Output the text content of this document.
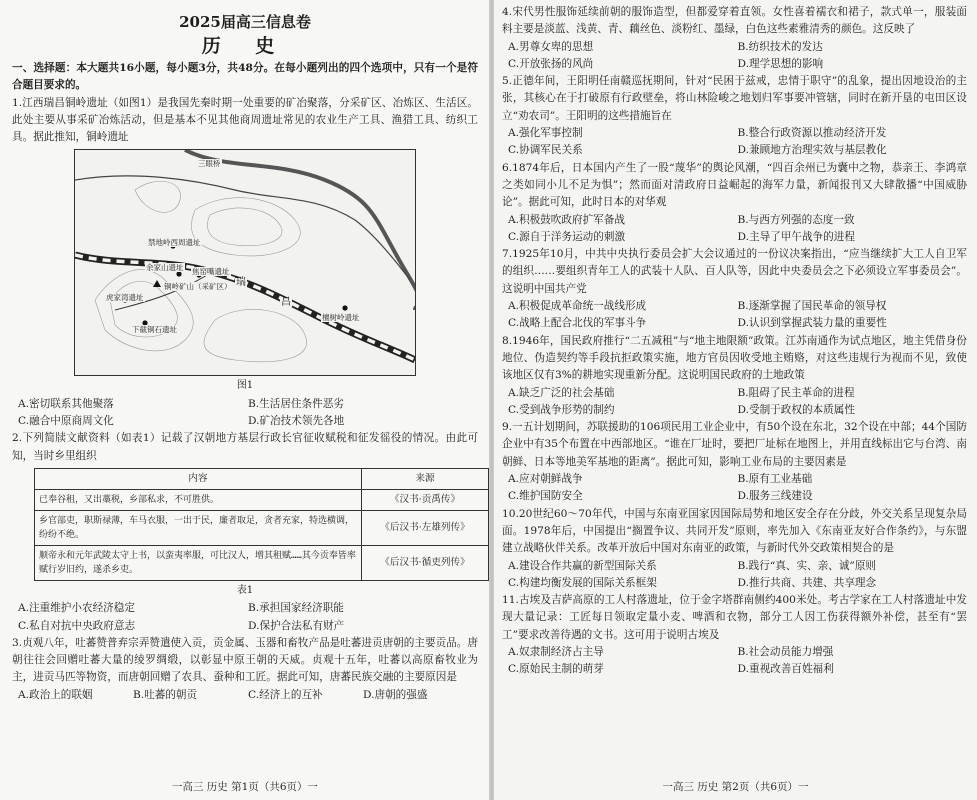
2025届高三信息卷
历 史

一、选择题：本大题共16小题，每小题3分，共48分。在每小题列出的四个选项中，只有一个是符合题目要求的。

1.江西瑞昌铜岭遗址（如图1）是我国先秦时期一处重要的矿冶聚落，分采矿区、冶炼区、生活区。此处主要从事采矿冶炼活动，但是基本不见其他商周遗址常见的农业生产工具、渔猎工具、纺织工具。据此推知，铜岭遗址

三眼桥
禁地岭西周遗址
余家山遗址 焦窑嘴遗址
铜岭矿山（采矿区） 瑞
昌
虎家湾遗址
下截铜石遗址
檀树岭遗址
图1
A.密切联系其他聚落	B.生活居住条件恶劣
C.融合中原商周文化	D.矿冶技术领先各地

2.下列简牍文献资料（如表1）记载了汉朝地方基层行政长官征收赋税和征发徭役的情况。由此可知，当时乡里组织

内容	来源
已奉谷租，又出藁税，乡部私求，不可胜供。	《汉书·贡禹传》
乡官部吏，职斯禄薄，车马衣服，一出于民，廉者取足，贪者充家，特选横调，纷纷不绝。	《后汉书·左雄列传》
顺帝永和元年武陵太守上书，以蛮夷率服，可比汉人，增其租赋……其今贡奉皆率赋行岁旧约，遂杀乡吏。	《后汉书·循吏列传》
表1
A.注重维护小农经济稳定	B.承担国家经济职能
C.私自对抗中央政府意志	D.保护合法私有财产

3.贞观八年，吐蕃赞普弃宗弄赞遣使入贡，贡金属、玉器和畜牧产品是吐蕃进贡唐朝的主要贡品。唐朝往往会回赠吐蕃大量的绫罗绸缎，以彰显中原王朝的天威。贞观十五年，吐蕃以高原畜牧业为主，进贡马匹等物资，而唐朝回赠了农具、蚕种和工匠。据此可知，唐蕃民族交融的主要原因是

A.政治上的联姻	B.吐蕃的朝贡	C.经济上的互补	D.唐朝的强盛
一高三 历史 第1页（共6页）一

4.宋代男性服饰延续前朝的服饰造型，但都爱穿着直领。女性喜着襦衣和裙子，款式单一，服装面料主要是淡蓝、浅黄、青、藕丝色、淡粉红、墨绿，白色这些素雅清秀的颜色。这反映了

A.男尊女卑的思想	B.纺织技术的发达
C.开放张扬的风尚	D.理学思想的影响

5.正德年间，王阳明任南赣巡抚期间，针对“民困于兹戒，忠情于职守”的乱象，提出因地设治的主张，其核心在于打破原有行政壁垒，将山林险峻之地划归军事要冲管辖，同时在新开垦的屯田区设立“劝农司”。王阳明的这些措施旨在

A.强化军事控制	B.整合行政资源以推动经济开发
C.协调军民关系	D.兼顾地方治理实效与基层教化

6.1874年后，日本国内产生了一股“蔑华”的舆论风潮，“四百余州已为囊中之物，恭亲王、李鸿章之类如同小儿不足为惧”；然而面对清政府日益崛起的海军力量，新闻报刊又大肆散播“中国威胁论”。据此可知，此时日本的对华观

A.积极鼓吹政府扩军备战	B.与西方列强的态度一致
C.源自于洋务运动的刺激	D.主导了甲午战争的进程

7.1925年10月，中共中央执行委员会扩大会议通过的一份议决案指出，“应当继续扩大工人自卫军的组织……要组织青年工人的武装十人队、百人队等，因此中央委员会之下必须设立军事委员会”。这说明中国共产党

A.积极促成革命统一战线形成	B.逐渐掌握了国民革命的领导权
C.战略上配合北伐的军事斗争	D.认识到掌握武装力量的重要性

8.1946年，国民政府推行“二五减租”与“地主地限额”政策。江苏南通作为试点地区，地主凭借身份地位、伪造契约等手段抗拒政策实施，地方官员因收受地主贿赂，对这些违规行为视而不见，致使该地区仅有3%的耕地实现重新分配。这说明国民政府的土地政策

A.缺乏广泛的社会基础	B.阻碍了民主革命的进程
C.受到战争形势的制约	D.受制于政权的本质属性

9.一五计划期间，苏联援助的106项民用工业企业中，有50个设在东北，32个设在中部；44个国防企业中有35个布置在中西部地区。“谁在厂址时，要把厂址标在地图上，并用直线标出它与台湾、南朝鲜、日本等地美军基地的距离”。据此可知，影响工业布局的主要因素是

A.应对朝鲜战争	B.原有工业基础
C.维护国防安全	D.服务三线建设

10.20世纪60～70年代，中国与东南亚国家因国际局势和地区安全存在分歧，外交关系呈现复杂局面。1978年后，中国提出“搁置争议、共同开发”原则，率先加入《东南亚友好合作条约》，与东盟建立战略伙伴关系。改革开放后中国对东南亚的政策，与新时代外交政策相契合的是

A.建设合作共赢的新型国际关系	B.践行“真、实、亲、诚”原则
C.构建均衡发展的国际关系框架	D.推行共商、共建、共享理念

11.古埃及吉萨高原的工人村落遗址，位于金字塔群南侧约400米处。考古学家在工人村落遗址中发现大量记录：工匠每日领取定量小麦、啤酒和衣物，部分工人因工伤获得额外补偿，甚至有“罢工”要求改善待遇的文书。这可用于说明古埃及

A.奴隶制经济占主导	B.社会动员能力增强
C.原始民主制的萌芽	D.重视改善百姓福利
一高三 历史 第2页（共6页）一
